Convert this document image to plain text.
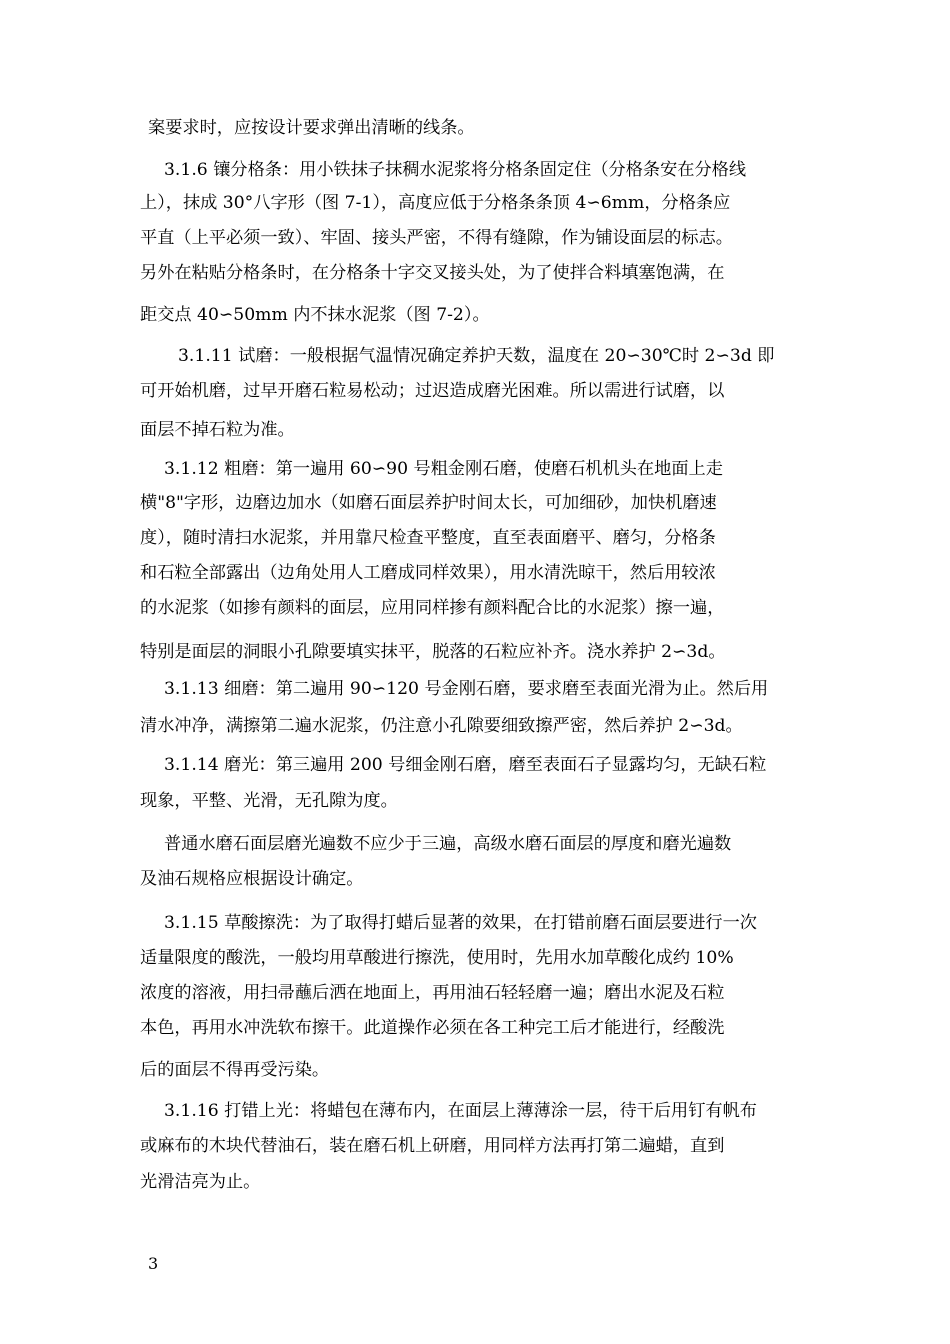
案要求时，应按设计要求弹出清晰的线条。
3.1.6 镶分格条：用小铁抹子抹稠水泥浆将分格条固定住（分格条安在分格线
上），抹成 30°八字形（图 7-1），高度应低于分格条条顶 4∽6mm，分格条应
平直（上平必须一致）、牢固、接头严密，不得有缝隙，作为铺设面层的标志。
另外在粘贴分格条时，在分格条十字交叉接头处，为了使拌合料填塞饱满，在
距交点 40∽50mm 内不抹水泥浆（图 7-2）。
3.1.11 试磨：一般根据气温情况确定养护天数，温度在 20∽30℃时 2∽3d 即
可开始机磨，过早开磨石粒易松动；过迟造成磨光困难。所以需进行试磨，以
面层不掉石粒为准。
3.1.12 粗磨：第一遍用 60∽90 号粗金刚石磨，使磨石机机头在地面上走
横"8"字形，边磨边加水（如磨石面层养护时间太长，可加细砂，加快机磨速
度），随时清扫水泥浆，并用靠尺检查平整度，直至表面磨平、磨匀，分格条
和石粒全部露出（边角处用人工磨成同样效果），用水清洗晾干，然后用较浓
的水泥浆（如掺有颜料的面层，应用同样掺有颜料配合比的水泥浆）擦一遍，
特别是面层的洞眼小孔隙要填实抹平，脱落的石粒应补齐。浇水养护 2∽3d。
3.1.13 细磨：第二遍用 90∽120 号金刚石磨，要求磨至表面光滑为止。然后用
清水冲净，满擦第二遍水泥浆，仍注意小孔隙要细致擦严密，然后养护 2∽3d。
3.1.14 磨光：第三遍用 200 号细金刚石磨，磨至表面石子显露均匀，无缺石粒
现象，平整、光滑，无孔隙为度。
普通水磨石面层磨光遍数不应少于三遍，高级水磨石面层的厚度和磨光遍数
及油石规格应根据设计确定。
3.1.15 草酸擦洗：为了取得打蜡后显著的效果，在打错前磨石面层要进行一次
适量限度的酸洗，一般均用草酸进行擦洗，使用时，先用水加草酸化成约 10%
浓度的溶液，用扫帚蘸后洒在地面上，再用油石轻轻磨一遍；磨出水泥及石粒
本色，再用水冲洗软布擦干。此道操作必须在各工种完工后才能进行，经酸洗
后的面层不得再受污染。
3.1.16 打错上光：将蜡包在薄布内，在面层上薄薄涂一层，待干后用钉有帆布
或麻布的木块代替油石，装在磨石机上研磨，用同样方法再打第二遍蜡，直到
光滑洁亮为止。
3
